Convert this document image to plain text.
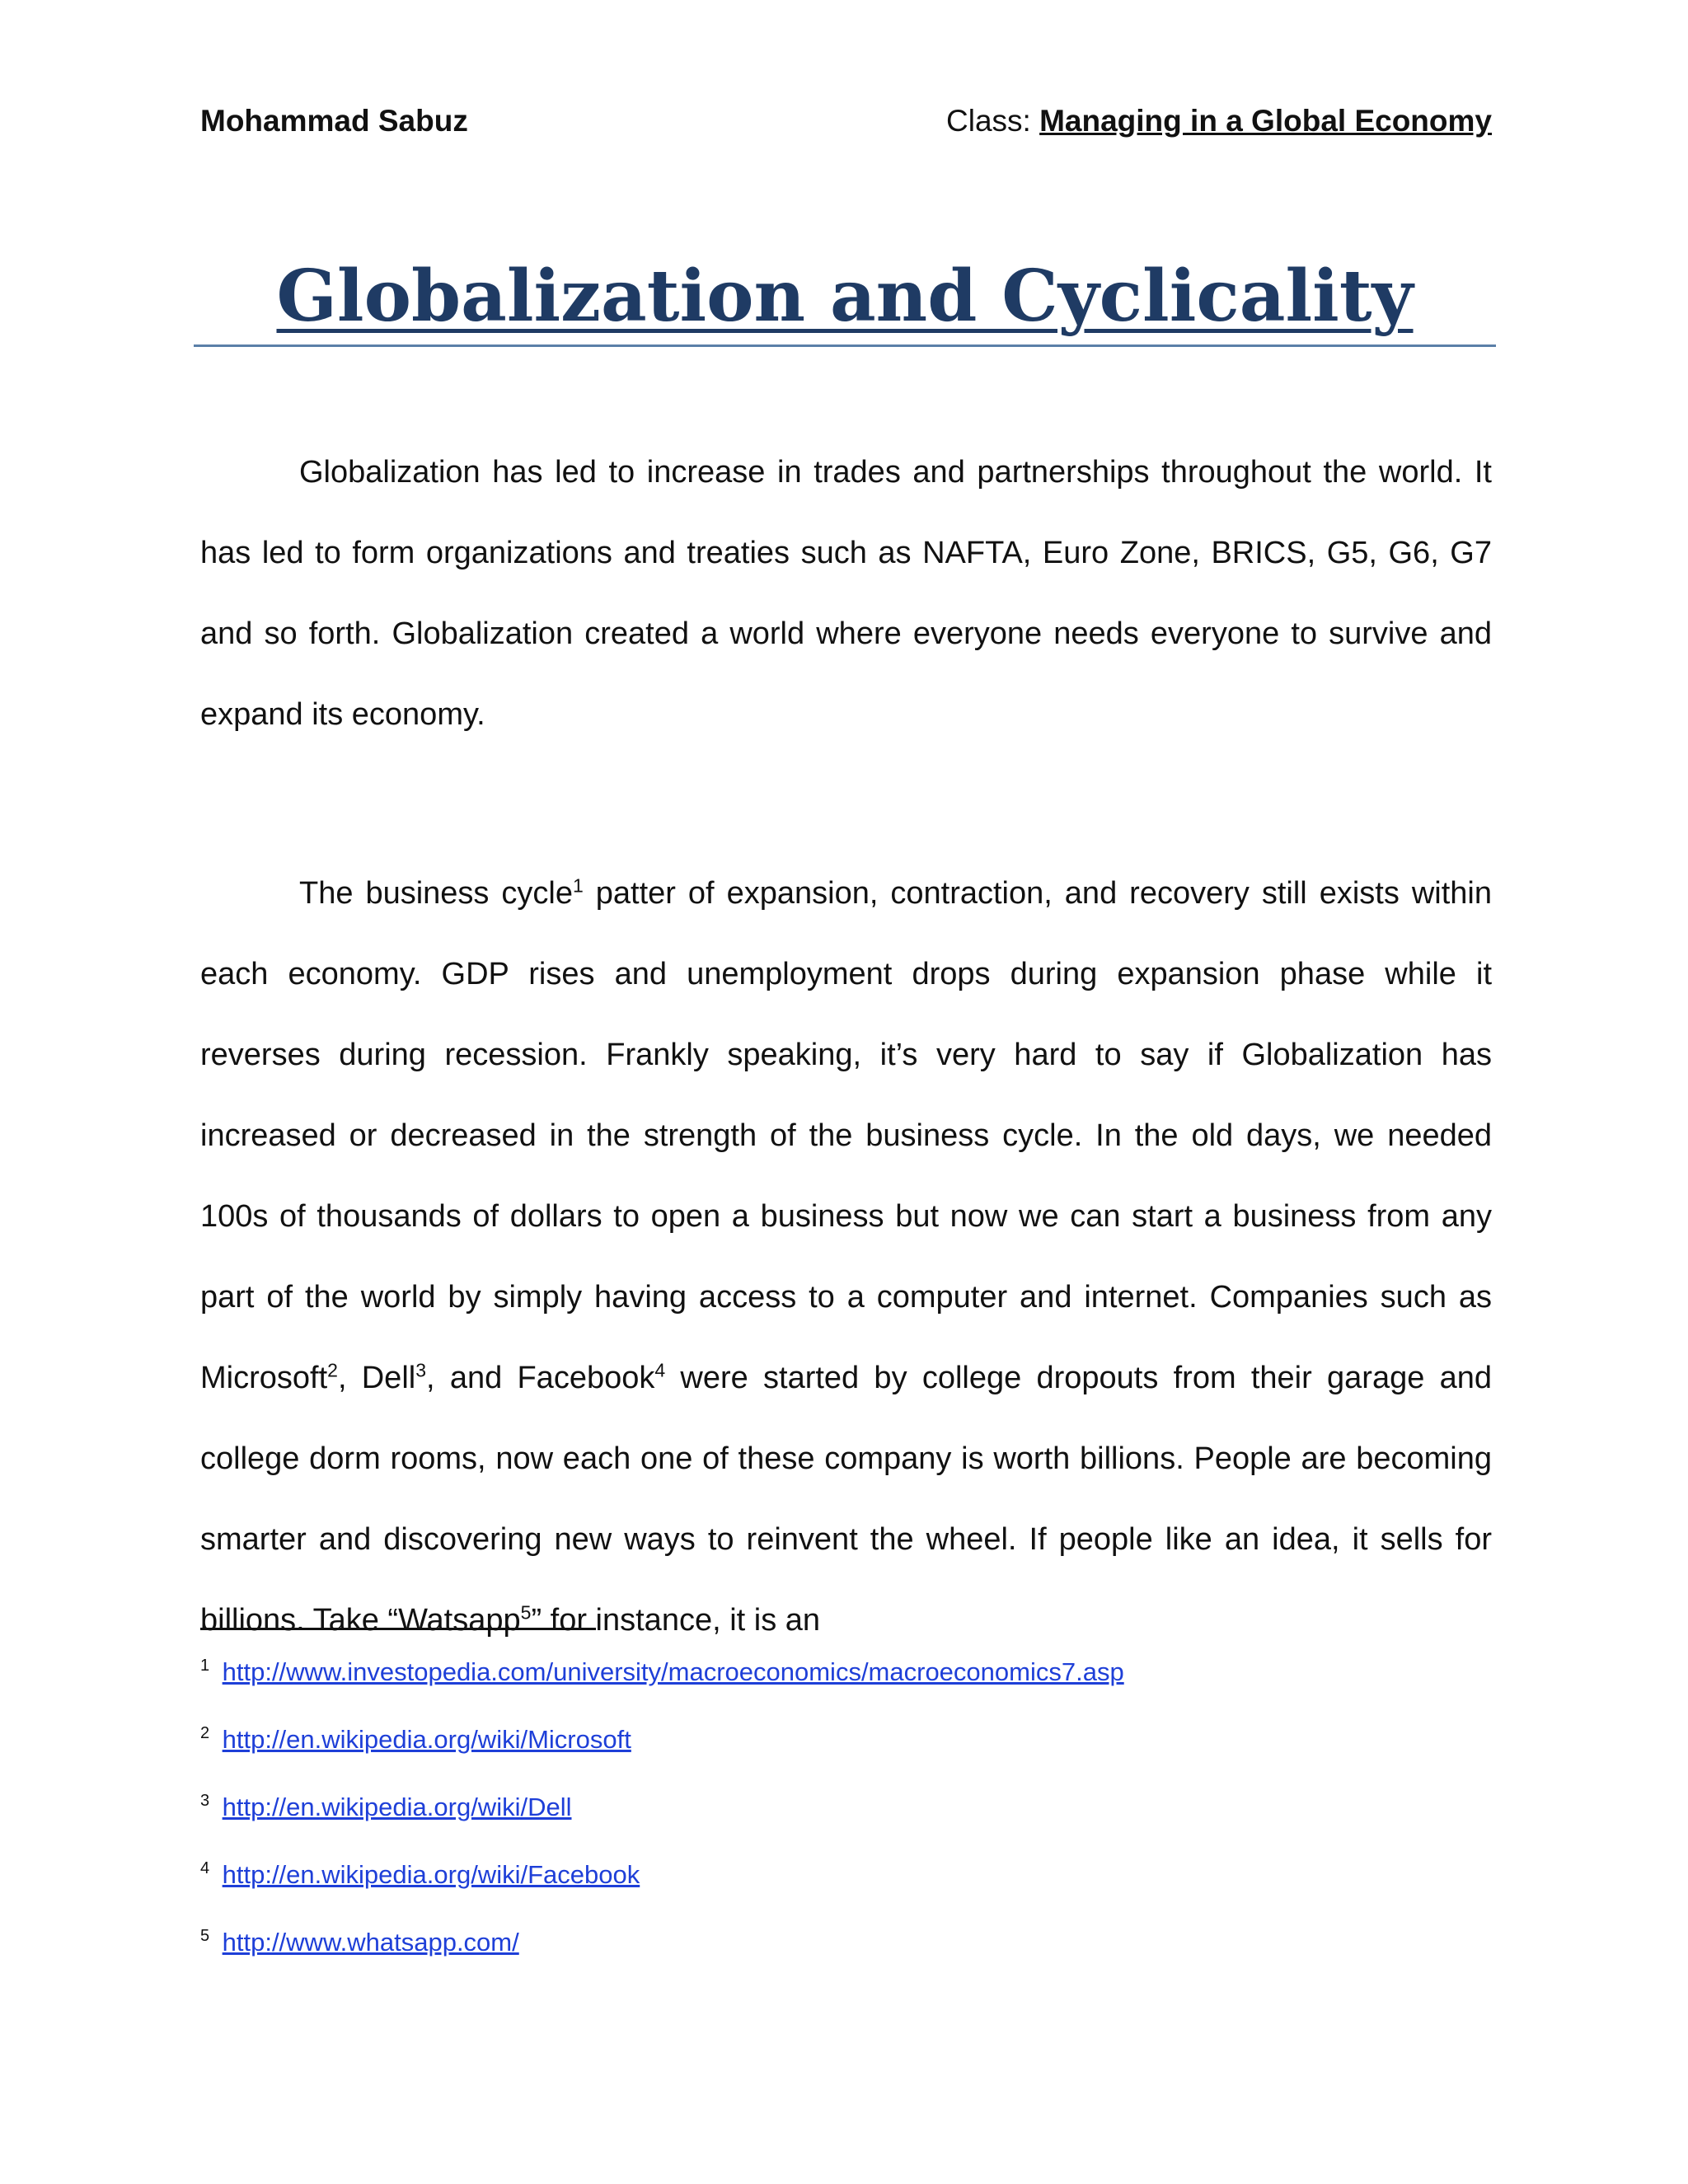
Mohammad Sabuz	Class: Managing in a Global Economy
Globalization and Cyclicality

Globalization has led to increase in trades and partnerships throughout the world. It has led to form organizations and treaties such as NAFTA, Euro Zone, BRICS, G5, G6, G7 and so forth. Globalization created a world where everyone needs everyone to survive and expand its economy.

The business cycle$^1$ patter of expansion, contraction, and recovery still exists within each economy. GDP rises and unemployment drops during expansion phase while it reverses during recession. Frankly speaking, it’s very hard to say if Globalization has increased or decreased in the strength of the business cycle. In the old days, we needed 100s of thousands of dollars to open a business but now we can start a business from any part of the world by simply having access to a computer and internet. Companies such as Microsoft$^2$, Dell$^3$, and Facebook$^4$ were started by college dropouts from their garage and college dorm rooms, now each one of these company is worth billions. People are becoming smarter and discovering new ways to reinvent the wheel. If people like an idea, it sells for billions. Take “Watsapp$^5$” for instance, it is an

1 http://www.investopedia.com/university/macroeconomics/macroeconomics7.asp
2 http://en.wikipedia.org/wiki/Microsoft
3 http://en.wikipedia.org/wiki/Dell
4 http://en.wikipedia.org/wiki/Facebook
5 http://www.whatsapp.com/
